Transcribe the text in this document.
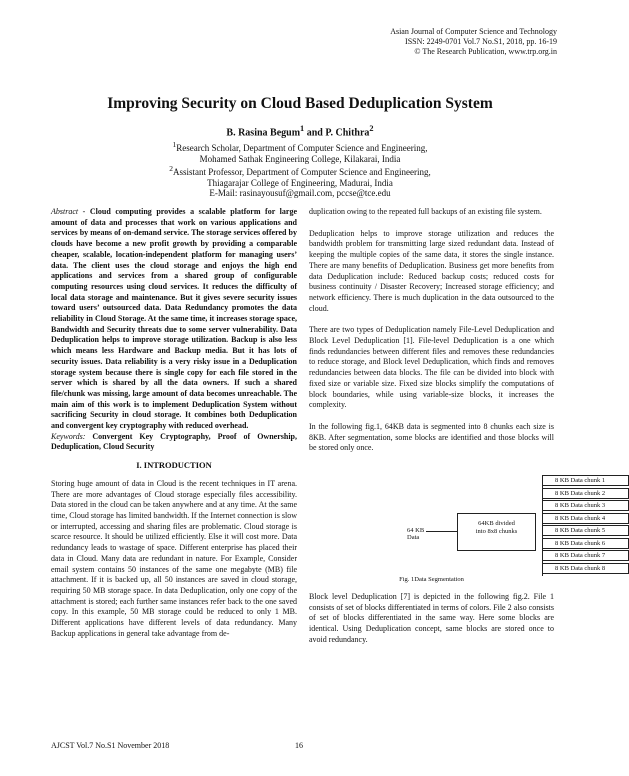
Asian Journal of Computer Science and Technology
ISSN: 2249-0701 Vol.7 No.S1, 2018, pp. 16-19
© The Research Publication, www.trp.org.in
Improving Security on Cloud Based Deduplication System
B. Rasina Begum$^1$ and P. Chithra$^2$
$^1$Research Scholar, Department of Computer Science and Engineering,
Mohamed Sathak Engineering College, Kilakarai, India
$^2$Assistant Professor, Department of Computer Science and Engineering,
Thiagarajar College of Engineering, Madurai, India
E-Mail: rasinayousuf@gmail.com, pccse@tce.edu

Abstract - Cloud computing provides a scalable platform for large amount of data and processes that work on various applications and services by means of on-demand service. The storage services offered by clouds have become a new profit growth by providing a comparable cheaper, scalable, location-independent platform for managing users’ data. The client uses the cloud storage and enjoys the high end applications and services from a shared group of configurable computing resources using cloud services. It reduces the difficulty of local data storage and maintenance. But it gives severe security issues toward users’ outsourced data. Data Redundancy promotes the data reliability in Cloud Storage. At the same time, it increases storage space, Bandwidth and Security threats due to some server vulnerability. Data Deduplication helps to improve storage utilization. Backup is also less which means less Hardware and Backup media. But it has lots of security issues. Data reliability is a very risky issue in a Deduplication storage system because there is single copy for each file stored in the server which is shared by all the data owners. If such a shared file/chunk was missing, large amount of data becomes unreachable. The main aim of this work is to implement Deduplication System without sacrificing Security in cloud storage. It combines both Deduplication and convergent key cryptography with reduced overhead.

Keywords: Convergent Key Cryptography, Proof of Ownership, Deduplication, Cloud Security

I. INTRODUCTION

Storing huge amount of data in Cloud is the recent techniques in IT arena. There are more advantages of Cloud storage especially files accessibility. Data stored in the cloud can be taken anywhere and at any time. At the same time, Cloud storage has limited bandwidth. If the Internet connection is slow or interrupted, accessing and sharing files are problematic. Cloud storage is scarce resource. It should be utilized efficiently. Else it will cost more. Data redundancy leads to wastage of space. Different enterprise has placed their data in Cloud. Many data are redundant in nature. For Example, Consider email system contains 50 instances of the same one megabyte (MB) file attachment. If it is backed up, all 50 instances are saved in cloud storage, requiring 50 MB storage space. In data Deduplication, only one copy of the attachment is stored; each further same instances refer back to the one saved copy. In this example, 50 MB storage could be reduced to only 1 MB. Different applications have different levels of data redundancy. Many Backup applications in general take advantage from de-

duplication owing to the repeated full backups of an existing file system.

Deduplication helps to improve storage utilization and reduces the bandwidth problem for transmitting large sized redundant data. Instead of keeping the multiple copies of the same data, it stores the single instance. There are many benefits of Deduplication. Business get more benefits from data Deduplication include: Reduced backup costs; reduced costs for business continuity / Disaster Recovery; Increased storage efficiency; and network efficiency. There is much duplication in the data outsourced to the cloud.

There are two types of Deduplication namely File-Level Deduplication and Block Level Deduplication [1]. File-level Deduplication is a one which finds redundancies between different files and removes these redundancies to reduce storage, and Block level Deduplication, which finds and removes redundancies between data blocks. The file can be divided into block with fixed size or variable size. Fixed size blocks simplify the computations of block boundaries, while using variable-size blocks, it increases the complexity.

In the following fig.1, 64KB data is segmented into 8 chunks each size is 8KB. After segmentation, some blocks are identified and those blocks will be stored only once.

64 KB
Data
64KB divided
into 8x8 chunks
8 KB Data chunk 1
8 KB Data chunk 2
8 KB Data chunk 3
8 KB Data chunk 4
8 KB Data chunk 5
8 KB Data chunk 6
8 KB Data chunk 7
8 KB Data chunk 8
Fig. 1Data Segmentation

Block level Deduplication [7] is depicted in the following fig.2. File 1 consists of set of blocks differentiated in terms of colors. File 2 also consists of set of blocks differentiated in the same way. Here some blocks are identical. Using Deduplication concept, same blocks are stored once to avoid redundancy.

AJCST Vol.7 No.S1 November 2018	16
